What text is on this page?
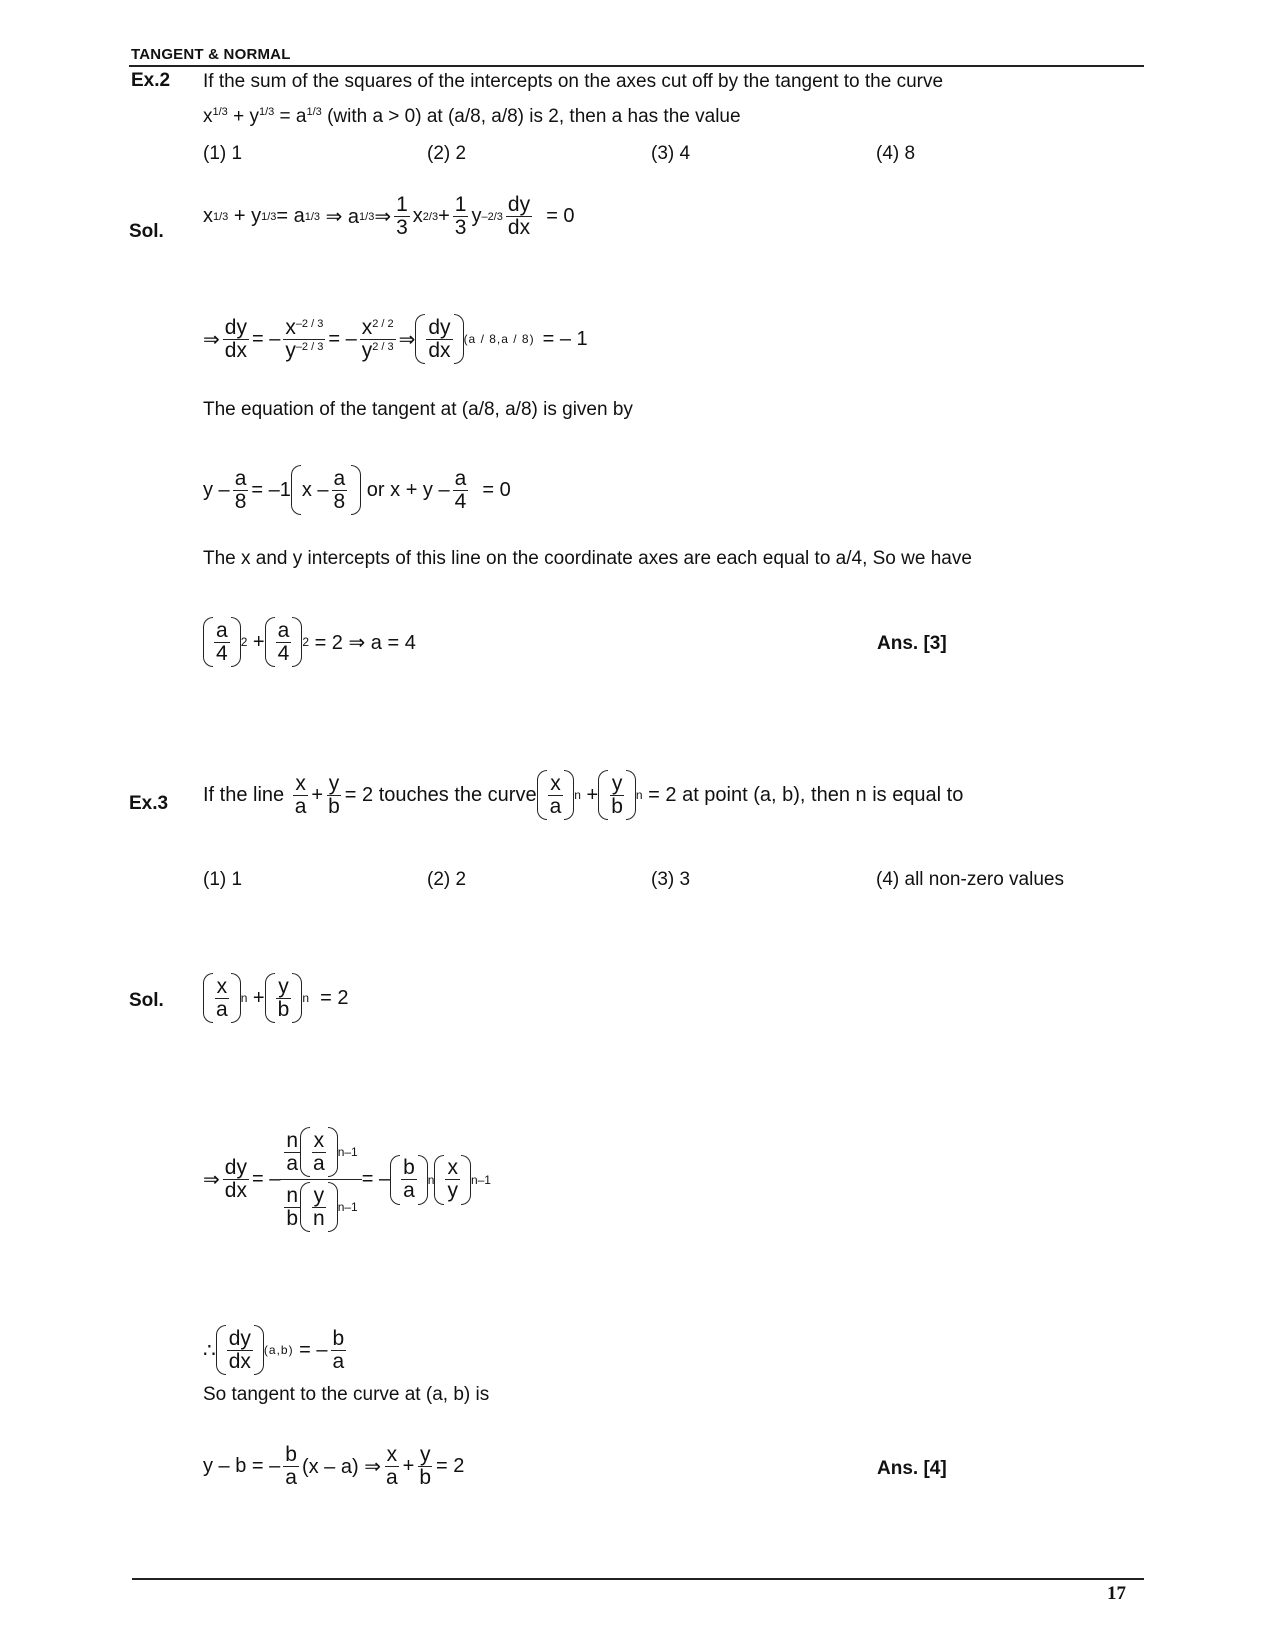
TANGENT & NORMAL
Ex.2 If the sum of the squares of the intercepts on the axes cut off by the tangent to the curve
$x^{1/3} + y^{1/3} = a^{1/3}$ (with a > 0) at (a/8, a/8) is 2, then a has the value
(1) 1	(2) 2	(3) 4	(4) 8
Sol.
x 1/3 + y 1/3 = a 1/3 ⇒ a 1/3 ⇒ $\frac{1}{3}$ x $2/3 + \frac{1}{3}$ y $-2/3 \frac{dy}{dx} = 0$
⇒ $\frac{dy}{dx}$ = – $\frac{x^{-2 / 3}}{y^{-2 / 3}}$ = – $\frac{x^{2 / 2}}{y^{2 / 3}}$ ⇒ $\frac{dy}{dx} (a / 8,a / 8)$ = – 1
The equation of the tangent at (a/8, a/8) is given by
$y - \frac{a}{8} = -1$ x – $\frac{a}{8}$
or $x + y - \frac{a}{4} = 0$
The x and y intercepts of this line on the coordinate axes are each equal to a/4, So we have
$\frac{a}{4} 2 + \frac{a}{4} 2$
= 2 ⇒ a = 4	Ans. [3]
Ex.3 If the line
$\frac{x}{a} + \frac{y}{b} = 2$ touches the curve $\frac{x}{a}$ $n + \frac{y}{b}$ n
= 2 at point (a, b), then n is equal to
(1) 1	(2) 2	(3) 3	(4) all non-zero values
Sol. $\frac{x}{a}$ $n + \frac{y}{b}$ n = 2
⇒ $\frac{dy}{dx}$ = –
$\frac{n}{a} \frac{x}{a} n-1$
$\frac{n}{b} \frac{y}{n} n-1$
= – $\frac{b}{a}$ n $\frac{x}{y} n-1$
∴ $\frac{dy}{dx} (a,b)$ = – $\frac{b}{a}$
So tangent to the curve at (a, b) is
y – b = – $\frac{b}{a} (x - a)$ ⇒ $\frac{x}{a} + \frac{y}{b} = 2$	Ans. [4]
17
